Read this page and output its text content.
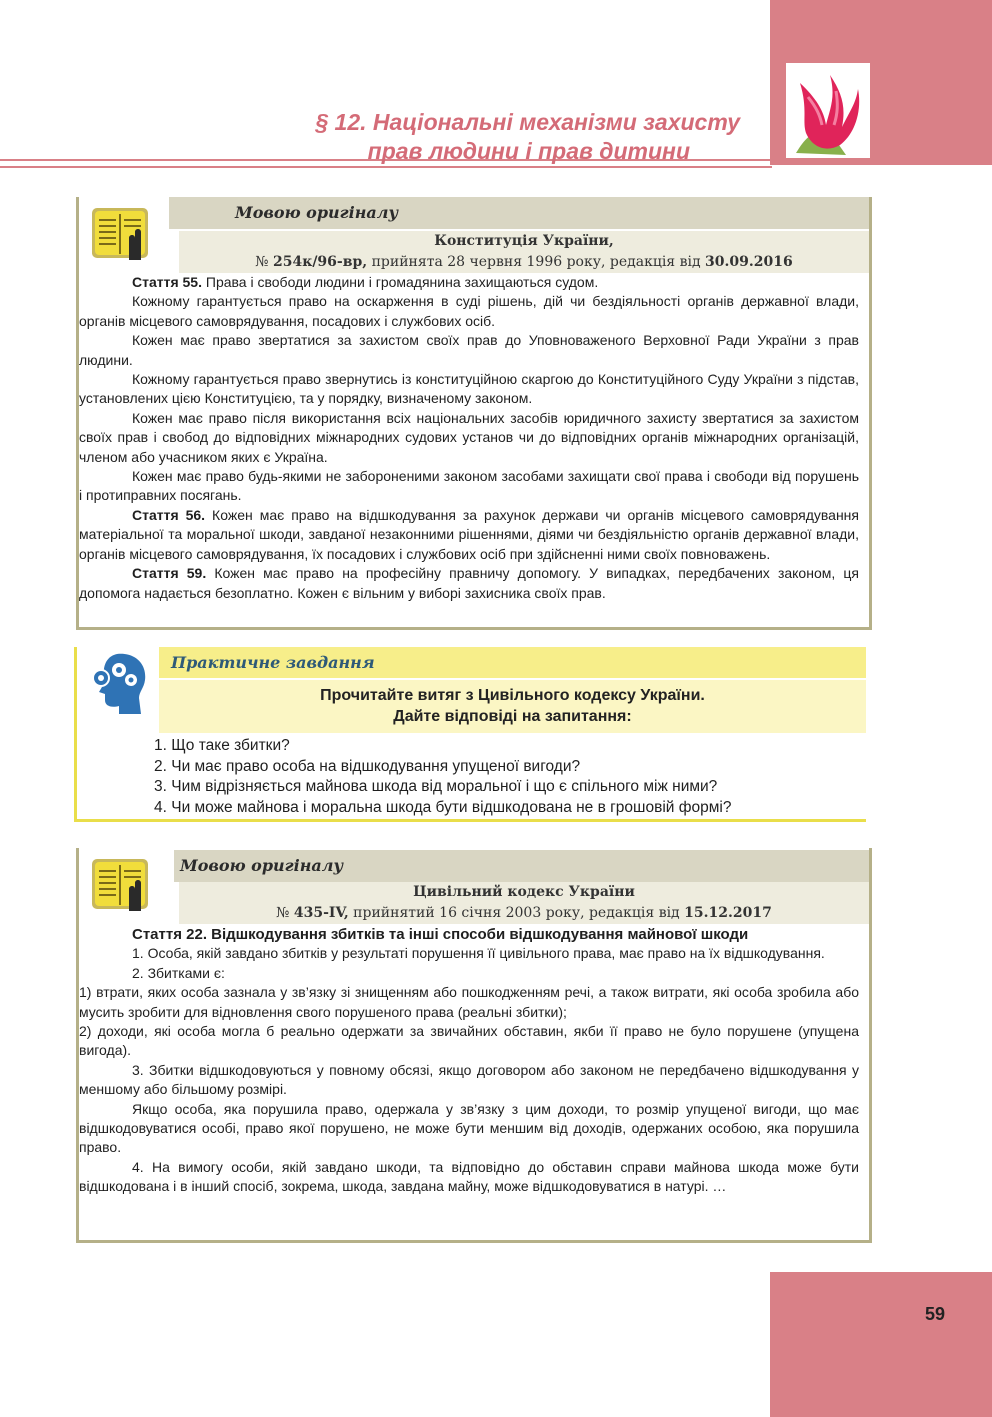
§ 12. Національні механізми захисту
прав людини і прав дитини
Мовою оригіналу
Конституція України,
№ 254к/96-вр, прийнята 28 червня 1996 року, редакція від 30.09.2016

Стаття 55. Права і свободи людини і громадянина захищаються судом.

Кожному гарантується право на оскарження в суді рішень, дій чи бездіяльності органів державної влади, органів місцевого самоврядування, посадових і службових осіб.

Кожен має право звертатися за захистом своїх прав до Уповноваженого Верховної Ради України з прав людини.

Кожному гарантується право звернутись із конституційною скаргою до Конституційного Суду України з підстав, установлених цією Конституцією, та у порядку, визначеному законом.

Кожен має право після використання всіх національних засобів юридичного захисту звертатися за захистом своїх прав і свобод до відповідних міжнародних судових установ чи до відповідних органів міжнародних організацій, членом або учасником яких є Україна.

Кожен має право будь-якими не забороненими законом засобами захищати свої права і свободи від порушень і протиправних посягань.

Стаття 56. Кожен має право на відшкодування за рахунок держави чи органів місцевого самоврядування матеріальної та моральної шкоди, завданої незаконними рішеннями, діями чи бездіяльністю органів державної влади, органів місцевого самоврядування, їх посадових і службових осіб при здійсненні ними своїх повноважень.

Стаття 59. Кожен має право на професійну правничу допомогу. У випадках, передбачених законом, ця допомога надається безоплатно. Кожен є вільним у виборі захисника своїх прав.

Практичне завдання
Прочитайте витяг з Цивільного кодексу України.
Дайте відповіді на запитання:
1. Що таке збитки?
2. Чи має право особа на відшкодування упущеної вигоди?
3. Чим відрізняється майнова шкода від моральної і що є спільного між ними?
4. Чи може майнова і моральна шкода бути відшкодована не в грошовій формі?
Мовою оригіналу
Цивільний кодекс України
№ 435-IV, прийнятий 16 січня 2003 року, редакція від 15.12.2017

Стаття 22. Відшкодування збитків та інші способи відшкодування майнової шкоди

1. Особа, якій завдано збитків у результаті порушення її цивільного права, має право на їх відшкодування.

2. Збитками є:

1) втрати, яких особа зазнала у зв’язку зі знищенням або пошкодженням речі, а також витрати, які особа зробила або мусить зробити для відновлення свого порушеного права (реальні збитки);

2) доходи, які особа могла б реально одержати за звичайних обставин, якби її право не було порушене (упущена вигода).

3. Збитки відшкодовуються у повному обсязі, якщо договором або законом не передбачено відшкодування у меншому або більшому розмірі.

Якщо особа, яка порушила право, одержала у зв’язку з цим доходи, то розмір упущеної вигоди, що має відшкодовуватися особі, право якої порушено, не може бути меншим від доходів, одержаних особою, яка порушила право.

4. На вимогу особи, якій завдано шкоди, та відповідно до обставин справи майнова шкода може бути відшкодована і в інший спосіб, зокрема, шкода, завдана майну, може відшкодовуватися в натурі. …

59
